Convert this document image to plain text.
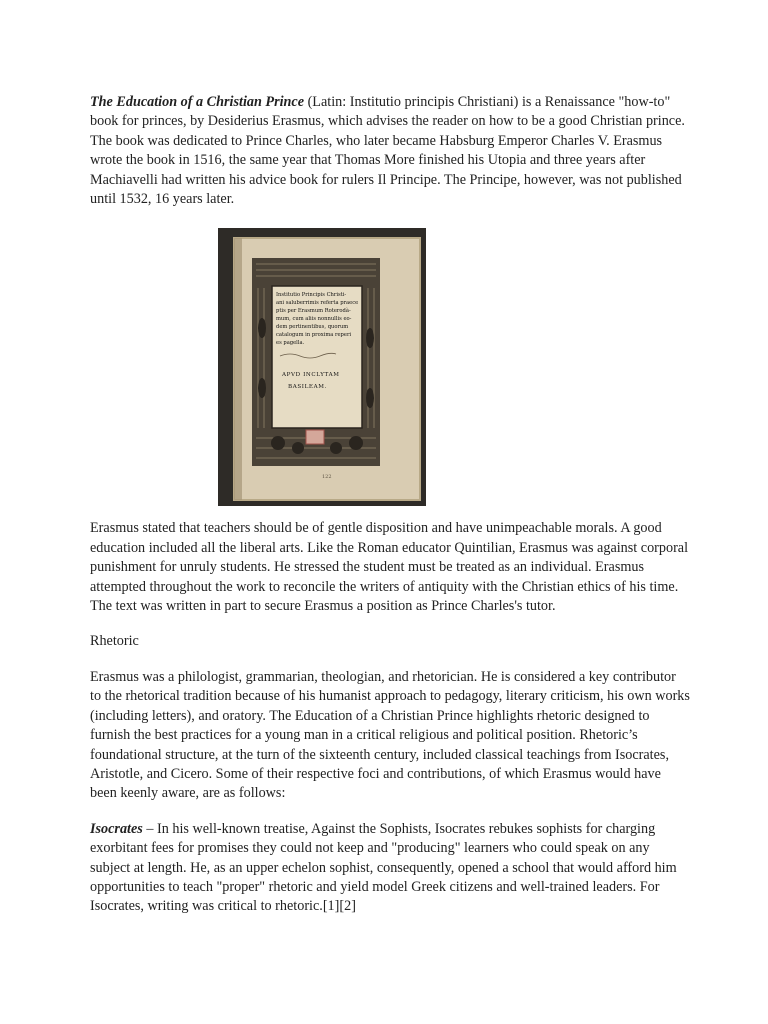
The Education of a Christian Prince (Latin: Institutio principis Christiani) is a Renaissance "how-to" book for princes, by Desiderius Erasmus, which advises the reader on how to be a good Christian prince. The book was dedicated to Prince Charles, who later became Habsburg Emperor Charles V. Erasmus wrote the book in 1516, the same year that Thomas More finished his Utopia and three years after Machiavelli had written his advice book for rulers Il Principe. The Principe, however, was not published until 1532, 16 years later.

Institutio Principis Christi-
ani saluberrimis referta praece
ptis per Erasmum Roterodà-
mum, cum aliis nonnullis eo-
dem pertinentibus, quorum
catalogum in proxima reperi
es pagella.
APVD INCLYTAM
BASILEAM.
122

Erasmus stated that teachers should be of gentle disposition and have unimpeachable morals. A good education included all the liberal arts. Like the Roman educator Quintilian, Erasmus was against corporal punishment for unruly students. He stressed the student must be treated as an individual. Erasmus attempted throughout the work to reconcile the writers of antiquity with the Christian ethics of his time. The text was written in part to secure Erasmus a position as Prince Charles's tutor.

Rhetoric

Erasmus was a philologist, grammarian, theologian, and rhetorician. He is considered a key contributor to the rhetorical tradition because of his humanist approach to pedagogy, literary criticism, his own works (including letters), and oratory. The Education of a Christian Prince highlights rhetoric designed to furnish the best practices for a young man in a critical religious and political position. Rhetoric’s foundational structure, at the turn of the sixteenth century, included classical teachings from Isocrates, Aristotle, and Cicero. Some of their respective foci and contributions, of which Erasmus would have been keenly aware, are as follows:

Isocrates – In his well-known treatise, Against the Sophists, Isocrates rebukes sophists for charging exorbitant fees for promises they could not keep and "producing" learners who could speak on any subject at length. He, as an upper echelon sophist, consequently, opened a school that would afford him opportunities to teach "proper" rhetoric and yield model Greek citizens and well-trained leaders. For Isocrates, writing was critical to rhetoric.[1][2]
